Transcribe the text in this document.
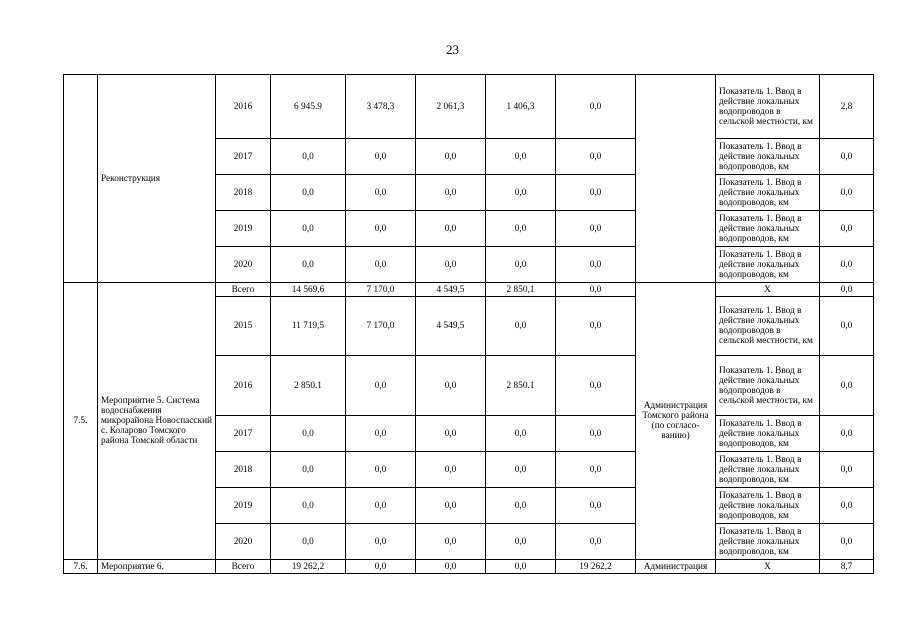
23
	Реконструкция	2016	6 945.9	3 478,3	2 061,3	1 406,3	0,0		Показатель 1. Ввод в действие локальных водопроводов в сельской местности, км	2,8
		2017	0,0	0,0	0,0	0,0	0,0		Показатель 1. Ввод в действие локальных водопроводов, км	0,0
		2018	0,0	0,0	0,0	0,0	0,0		Показатель 1. Ввод в действие локальных водопроводов, км	0,0
		2019	0,0	0,0	0,0	0,0	0,0		Показатель 1. Ввод в действие локальных водопроводов, км	0,0
		2020	0,0	0,0	0,0	0,0	0,0		Показатель 1. Ввод в действие локальных водопроводов, км	0,0
7.5.	Мероприятие 5. Система водоснабжения микрорайона Новоспасский с. Коларово Томского района Томской области	Всего	14 569,6	7 170,0	4 549,5	2 850,1	0,0	Администрация Томского района (по согласо-ванию)	Х	0,0
		2015	11 719,5	7 170,0	4 549,5	0,0	0,0		Показатель 1. Ввод в действие локальных водопроводов в сельской местности, км	0,0
		2016	2 850.1	0,0	0,0	2 850.1	0,0		Показатель 1. Ввод в действие локальных водопроводов в сельской местности, км	0,0
		2017	0,0	0,0	0,0	0,0	0,0		Показатель 1. Ввод в действие локальных водопроводов, км	0,0
		2018	0,0	0,0	0,0	0,0	0,0		Показатель 1. Ввод в действие локальных водопроводов, км	0,0
		2019	0,0	0,0	0,0	0,0	0,0		Показатель 1. Ввод в действие локальных водопроводов, км	0,0
		2020	0,0	0,0	0,0	0,0	0,0		Показатель 1. Ввод в действие локальных водопроводов, км	0,0
7.6.	Мероприятие 6.	Всего	19 262,2	0,0	0,0	0,0	19 262,2	Администрация	Х	8,7
